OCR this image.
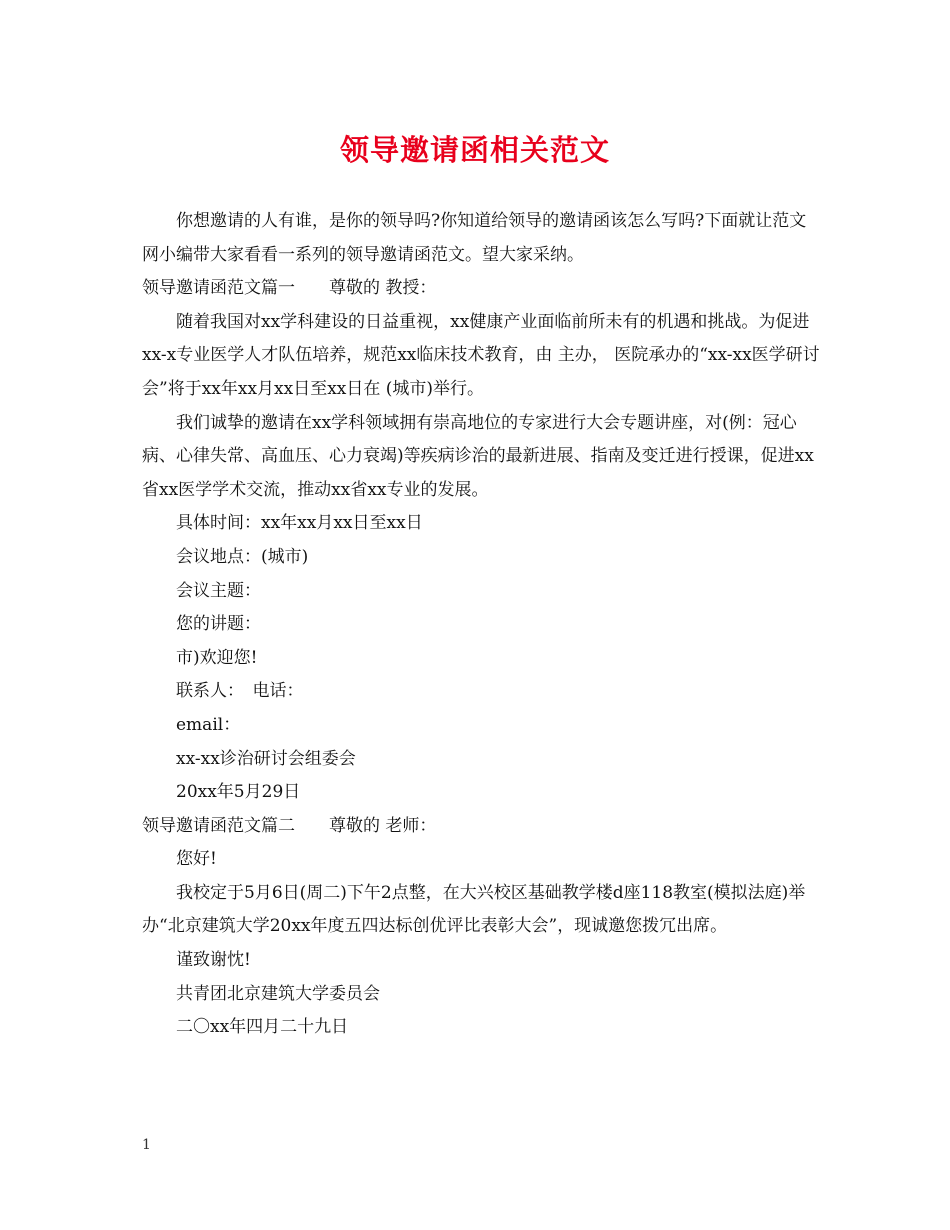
领导邀请函相关范文

你想邀请的人有谁，是你的领导吗?你知道给领导的邀请函该怎么写吗?下面就让范文网小编带大家看看一系列的领导邀请函范文。望大家采纳。

领导邀请函范文篇一　　尊敬的 教授：

随着我国对xx学科建设的日益重视，xx健康产业面临前所未有的机遇和挑战。为促进xx-x专业医学人才队伍培养，规范xx临床技术教育，由 主办， 医院承办的“xx-xx医学研讨会”将于xx年xx月xx日至xx日在 (城市)举行。

我们诚挚的邀请在xx学科领域拥有崇高地位的专家进行大会专题讲座，对(例：冠心病、心律失常、高血压、心力衰竭)等疾病诊治的最新进展、指南及变迁进行授课，促进xx省xx医学学术交流，推动xx省xx专业的发展。

具体时间：xx年xx月xx日至xx日

会议地点：(城市)

会议主题：

您的讲题：

市)欢迎您!

联系人：　电话：

email：

xx-xx诊治研讨会组委会

20xx年5月29日

领导邀请函范文篇二　　尊敬的 老师：

您好!

我校定于5月6日(周二)下午2点整，在大兴校区基础教学楼d座118教室(模拟法庭)举办“北京建筑大学20xx年度五四达标创优评比表彰大会”，现诚邀您拨冗出席。

谨致谢忱!

共青团北京建筑大学委员会

二〇xx年四月二十九日

1
